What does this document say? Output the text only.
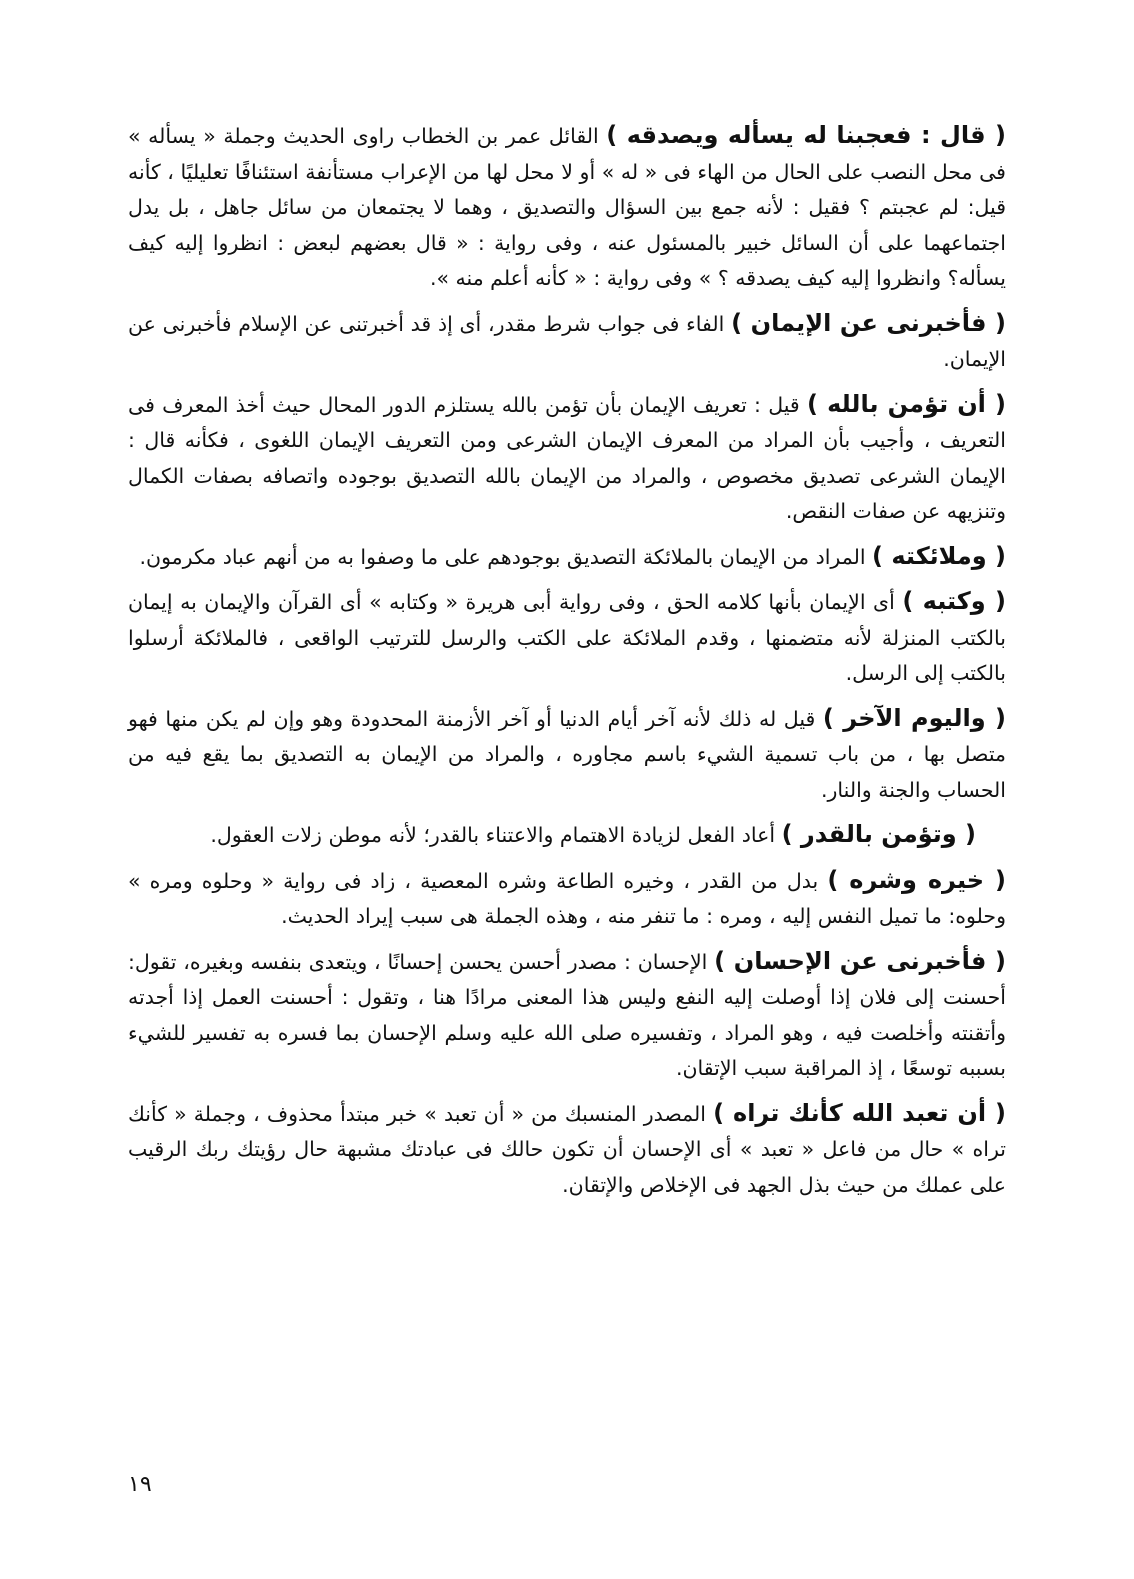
( قال : فعجبنا له يسأله ويصدقه ) القائل عمر بن الخطاب راوى الحديث وجملة « يسأله » فى محل النصب على الحال من الهاء فى « له » أو لا محل لها من الإعراب مستأنفة استئنافًا تعليليًا ، كأنه قيل: لم عجبتم ؟ فقيل : لأنه جمع بين السؤال والتصديق ، وهما لا يجتمعان من سائل جاهل ، بل يدل اجتماعهما على أن السائل خبير بالمسئول عنه ، وفى رواية : « قال بعضهم لبعض : انظروا إليه كيف يسأله؟ وانظروا إليه كيف يصدقه ؟ » وفى رواية : « كأنه أعلم منه ».

( فأخبرنى عن الإيمان ) الفاء فى جواب شرط مقدر، أى إذ قد أخبرتنى عن الإسلام فأخبرنى عن الإيمان.

( أن تؤمن بالله ) قيل : تعريف الإيمان بأن تؤمن بالله يستلزم الدور المحال حيث أخذ المعرف فى التعريف ، وأجيب بأن المراد من المعرف الإيمان الشرعى ومن التعريف الإيمان اللغوى ، فكأنه قال : الإيمان الشرعى تصديق مخصوص ، والمراد من الإيمان بالله التصديق بوجوده واتصافه بصفات الكمال وتنزيهه عن صفات النقص.

( وملائكته ) المراد من الإيمان بالملائكة التصديق بوجودهم على ما وصفوا به من أنهم عباد مكرمون.

( وكتبه ) أى الإيمان بأنها كلامه الحق ، وفى رواية أبى هريرة « وكتابه » أى القرآن والإيمان به إيمان بالكتب المنزلة لأنه متضمنها ، وقدم الملائكة على الكتب والرسل للترتيب الواقعى ، فالملائكة أرسلوا بالكتب إلى الرسل.

( واليوم الآخر ) قيل له ذلك لأنه آخر أيام الدنيا أو آخر الأزمنة المحدودة وهو وإن لم يكن منها فهو متصل بها ، من باب تسمية الشيء باسم مجاوره ، والمراد من الإيمان به التصديق بما يقع فيه من الحساب والجنة والنار.

( وتؤمن بالقدر ) أعاد الفعل لزيادة الاهتمام والاعتناء بالقدر؛ لأنه موطن زلات العقول.

( خيره وشره ) بدل من القدر ، وخيره الطاعة وشره المعصية ، زاد فى رواية « وحلوه ومره » وحلوه: ما تميل النفس إليه ، ومره : ما تنفر منه ، وهذه الجملة هى سبب إيراد الحديث.

( فأخبرنى عن الإحسان ) الإحسان : مصدر أحسن يحسن إحسانًا ، ويتعدى بنفسه وبغيره، تقول: أحسنت إلى فلان إذا أوصلت إليه النفع وليس هذا المعنى مرادًا هنا ، وتقول : أحسنت العمل إذا أجدته وأتقنته وأخلصت فيه ، وهو المراد ، وتفسيره صلى الله عليه وسلم الإحسان بما فسره به تفسير للشيء بسببه توسعًا ، إذ المراقبة سبب الإتقان.

( أن تعبد الله كأنك تراه ) المصدر المنسبك من « أن تعبد » خبر مبتدأ محذوف ، وجملة « كأنك تراه » حال من فاعل « تعبد » أى الإحسان أن تكون حالك فى عبادتك مشبهة حال رؤيتك ربك الرقيب على عملك من حيث بذل الجهد فى الإخلاص والإتقان.

١٩
